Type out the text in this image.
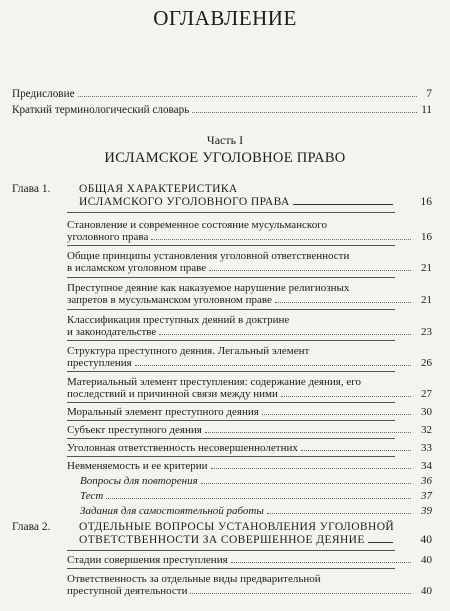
ОГЛАВЛЕНИЕ
Предисловие	7
Краткий терминологический словарь	11
Часть I
ИСЛАМСКОЕ УГОЛОВНОЕ ПРАВО
Глава 1. ОБЩАЯ ХАРАКТЕРИСТИКА
ИСЛАМСКОГО УГОЛОВНОГО ПРАВА	16
Становление и современное состояние мусульманского
уголовного права	16
Общие принципы установления уголовной ответственности
в исламском уголовном праве	21
Преступное деяние как наказуемое нарушение религиозных
запретов в мусульманском уголовном праве	21
Классификация преступных деяний в доктрине
и законодательстве	23
Структура преступного деяния. Легальный элемент
преступления	26
Материальный элемент преступления: содержание деяния, его
последствий и причинной связи между ними	27
Моральный элемент преступного деяния	30
Субъект преступного деяния	32
Уголовная ответственность несовершеннолетних	33
Невменяемость и ее критерии	34
Вопросы для повторения	36
Тест	37
Задания для самостоятельной работы	39
Глава 2. ОТДЕЛЬНЫЕ ВОПРОСЫ УСТАНОВЛЕНИЯ УГОЛОВНОЙ
ОТВЕТСТВЕННОСТИ ЗА СОВЕРШЕННОЕ ДЕЯНИЕ	40
Стадии совершения преступления	40
Ответственность за отдельные виды предварительной
преступной деятельности	40
